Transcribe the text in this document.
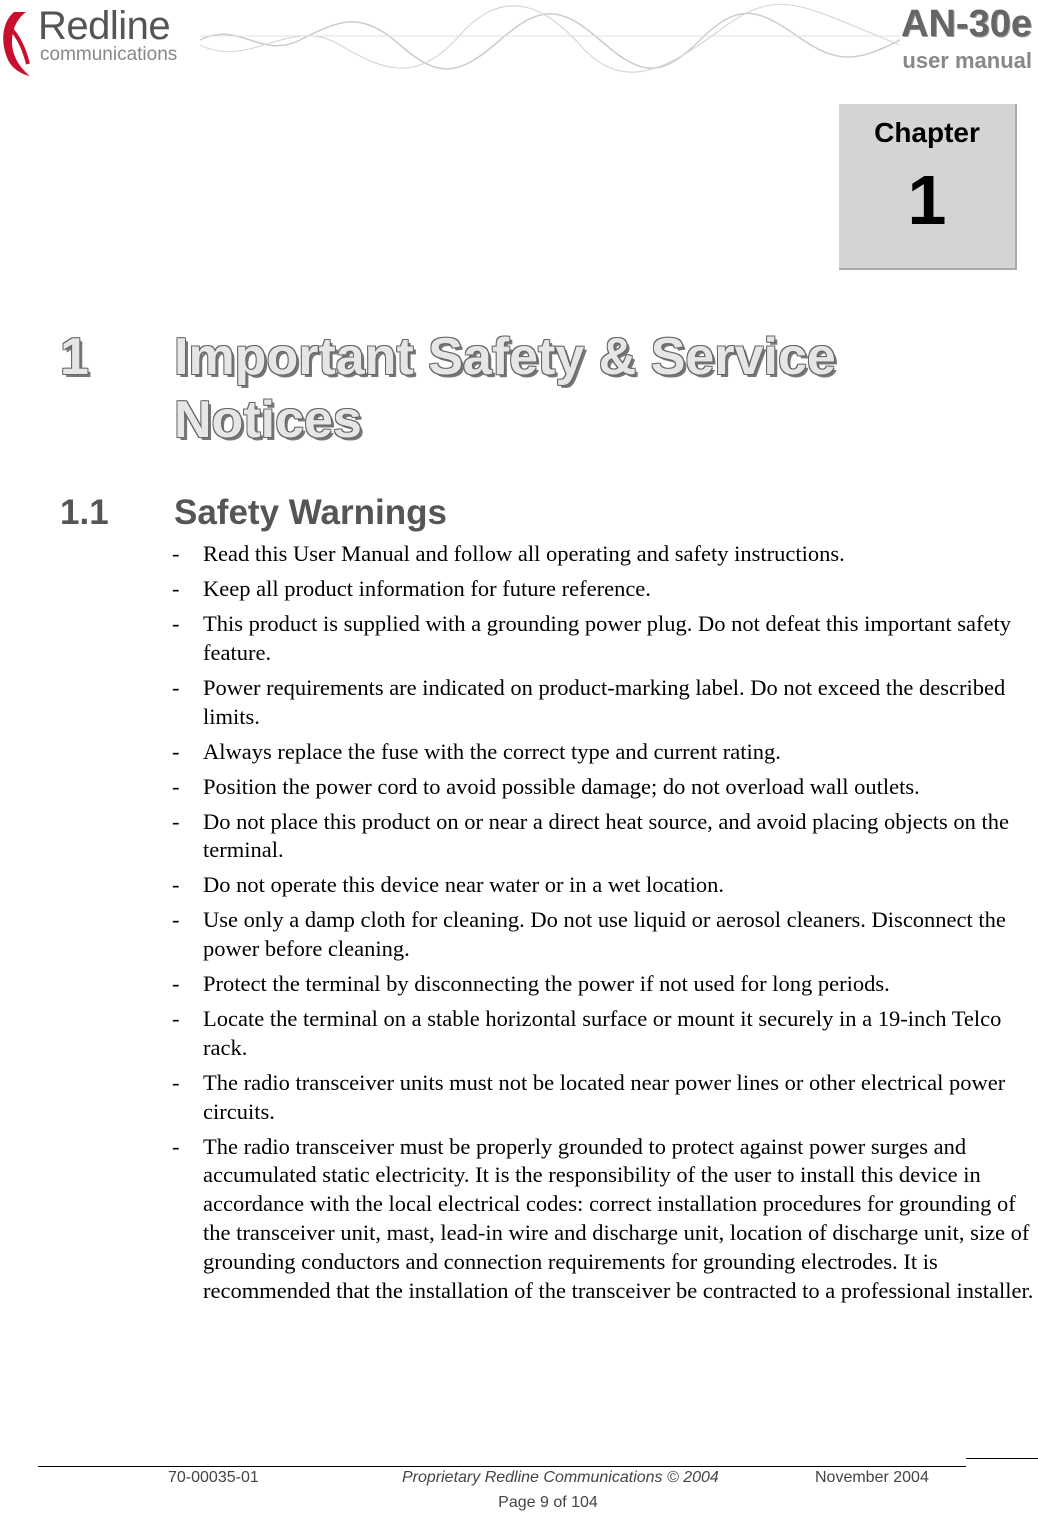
Redline
communications
AN-30e
user manual
Chapter
1
1 Important Safety & Service Notices
1.1 Safety Warnings
- Read this User Manual and follow all operating and safety instructions.
- Keep all product information for future reference.
- This product is supplied with a grounding power plug. Do not defeat this important safety feature.
- Power requirements are indicated on product-marking label. Do not exceed the described limits.
- Always replace the fuse with the correct type and current rating.
- Position the power cord to avoid possible damage; do not overload wall outlets.
- Do not place this product on or near a direct heat source, and avoid placing objects on the terminal.
- Do not operate this device near water or in a wet location.
- Use only a damp cloth for cleaning. Do not use liquid or aerosol cleaners. Disconnect the power before cleaning.
- Protect the terminal by disconnecting the power if not used for long periods.
- Locate the terminal on a stable horizontal surface or mount it securely in a 19-inch Telco rack.
- The radio transceiver units must not be located near power lines or other electrical power circuits.
- The radio transceiver must be properly grounded to protect against power surges and accumulated static electricity. It is the responsibility of the user to install this device in accordance with the local electrical codes: correct installation procedures for grounding of the transceiver unit, mast, lead-in wire and discharge unit, location of discharge unit, size of grounding conductors and connection requirements for grounding electrodes. It is recommended that the installation of the transceiver be contracted to a professional installer.
70-00035-01	Proprietary Redline Communications © 2004	November 2004
Page 9 of 104
